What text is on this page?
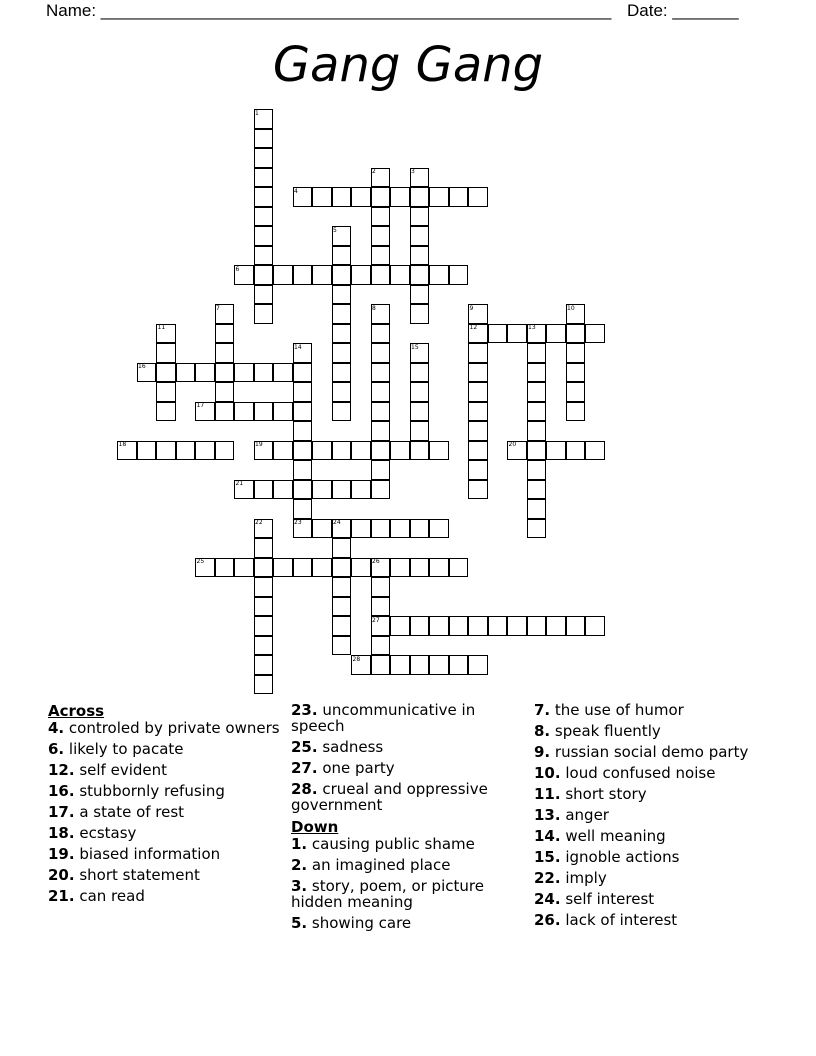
Name: ______________________________________________________ Date: _______
Gang Gang
1
2	3
4
5
6
7	8	9	10
11	12	13
14	15
16
17
18	19	20
21
22	23	24
25	26
27
28
Across
4. controled by private owners
6. likely to pacate
12. self evident
16. stubbornly refusing
17. a state of rest
18. ecstasy
19. biased information
20. short statement
21. can read
23. uncommunicative in speech
25. sadness
27. one party
28. crueal and oppressive government
Down
1. causing public shame
2. an imagined place
3. story, poem, or picture hidden meaning
5. showing care
7. the use of humor
8. speak fluently
9. russian social demo party
10. loud confused noise
11. short story
13. anger
14. well meaning
15. ignoble actions
22. imply
24. self interest
26. lack of interest
